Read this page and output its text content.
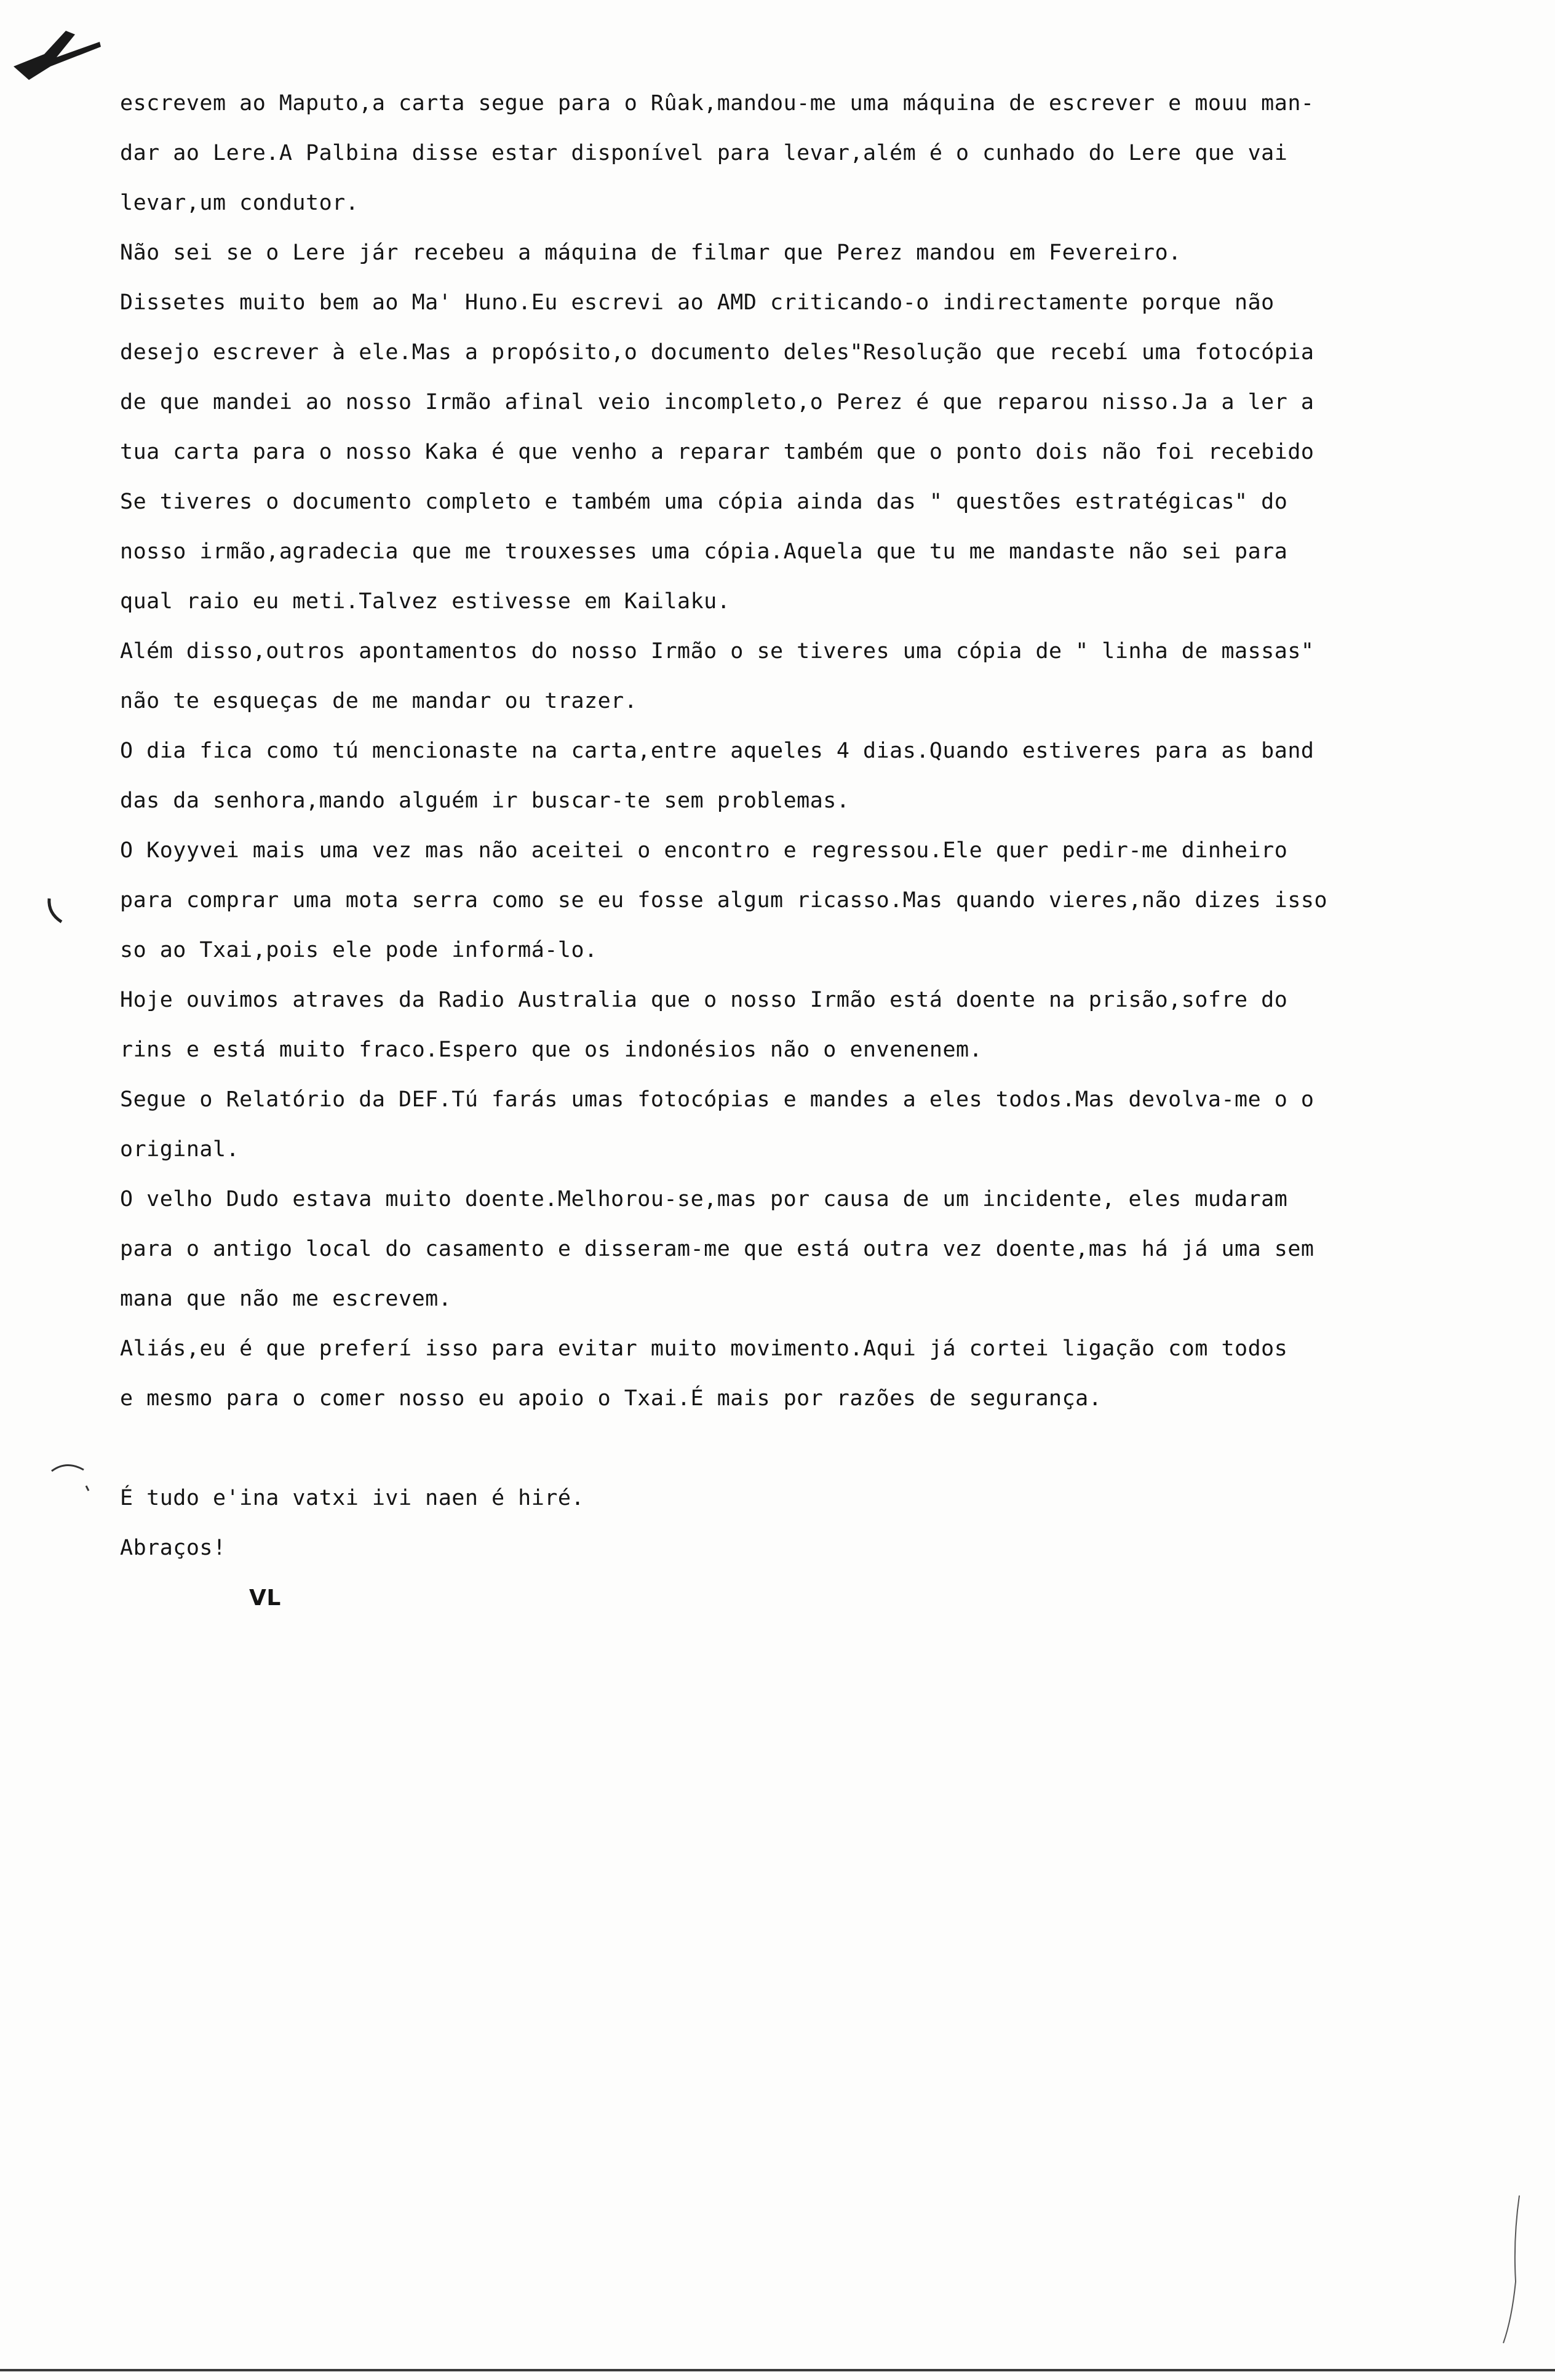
escrevem ao Maputo,a carta segue para o Rûak,mandou-me uma máquina de escrever e mouu man-
dar ao Lere.A Palbina disse estar disponível para levar,além é o cunhado do Lere que vai
levar,um condutor.
Não sei se o Lere jár recebeu a máquina de filmar que Perez mandou em Fevereiro.
Dissetes muito bem ao Ma' Huno.Eu escrevi ao AMD criticando-o indirectamente porque não
desejo escrever à ele.Mas a propósito,o documento deles"Resolução que recebí uma fotocópia
de que mandei ao nosso Irmão afinal veio incompleto,o Perez é que reparou nisso.Ja a ler a
tua carta para o nosso Kaka é que venho a reparar também que o ponto dois não foi recebido
Se tiveres o documento completo e também uma cópia ainda das " questões estratégicas" do
nosso irmão,agradecia que me trouxesses uma cópia.Aquela que tu me mandaste não sei para
qual raio eu meti.Talvez estivesse em Kailaku.
Além disso,outros apontamentos do nosso Irmão o se tiveres uma cópia de " linha de massas"
não te esqueças de me mandar ou trazer.
O dia fica como tú mencionaste na carta,entre aqueles 4 dias.Quando estiveres para as band
das da senhora,mando alguém ir buscar-te sem problemas.
O Koyyvei mais uma vez mas não aceitei o encontro e regressou.Ele quer pedir-me dinheiro
para comprar uma mota serra como se eu fosse algum ricasso.Mas quando vieres,não dizes isso
so ao Txai,pois ele pode informá-lo.
Hoje ouvimos atraves da Radio Australia que o nosso Irmão está doente na prisão,sofre do
rins e está muito fraco.Espero que os indonésios não o envenenem.
Segue o Relatório da DEF.Tú farás umas fotocópias e mandes a eles todos.Mas devolva-me o o
original.
O velho Dudo estava muito doente.Melhorou-se,mas por causa de um incidente, eles mudaram
para o antigo local do casamento e disseram-me que está outra vez doente,mas há já uma sem
mana que não me escrevem.
Aliás,eu é que preferí isso para evitar muito movimento.Aqui já cortei ligação com todos
e mesmo para o comer nosso eu apoio o Txai.É mais por razões de segurança.
É tudo e'ina vatxi ivi naen é hiré.
Abraços!
VL
